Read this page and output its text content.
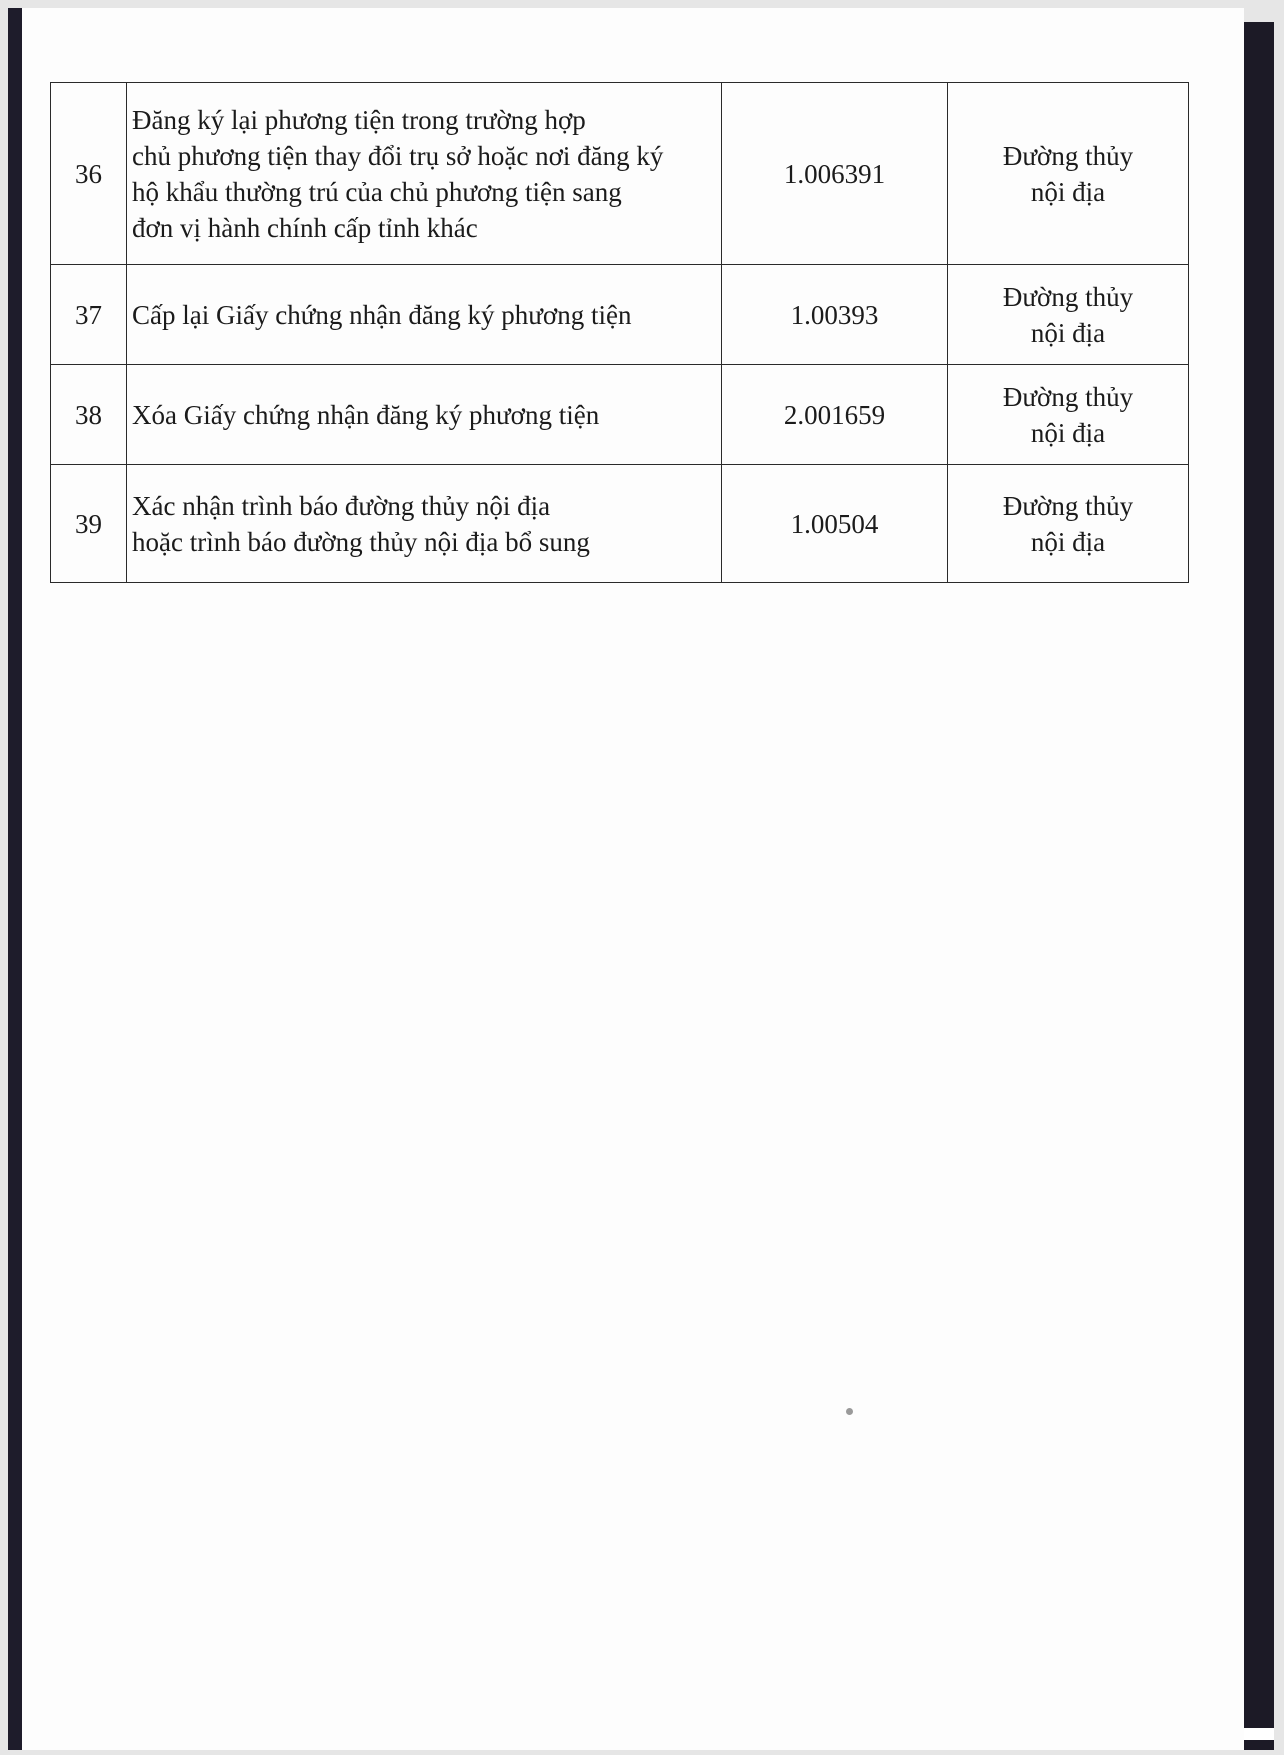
36	Đăng ký lại phương tiện trong trường hợp
chủ phương tiện thay đổi trụ sở hoặc nơi đăng ký
hộ khẩu thường trú của chủ phương tiện sang
đơn vị hành chính cấp tỉnh khác	1.006391	Đường thủy
nội địa
37	Cấp lại Giấy chứng nhận đăng ký phương tiện	1.00393	Đường thủy
nội địa
38	Xóa Giấy chứng nhận đăng ký phương tiện	2.001659	Đường thủy
nội địa
39	Xác nhận trình báo đường thủy nội địa
hoặc trình báo đường thủy nội địa bổ sung	1.00504	Đường thủy
nội địa
